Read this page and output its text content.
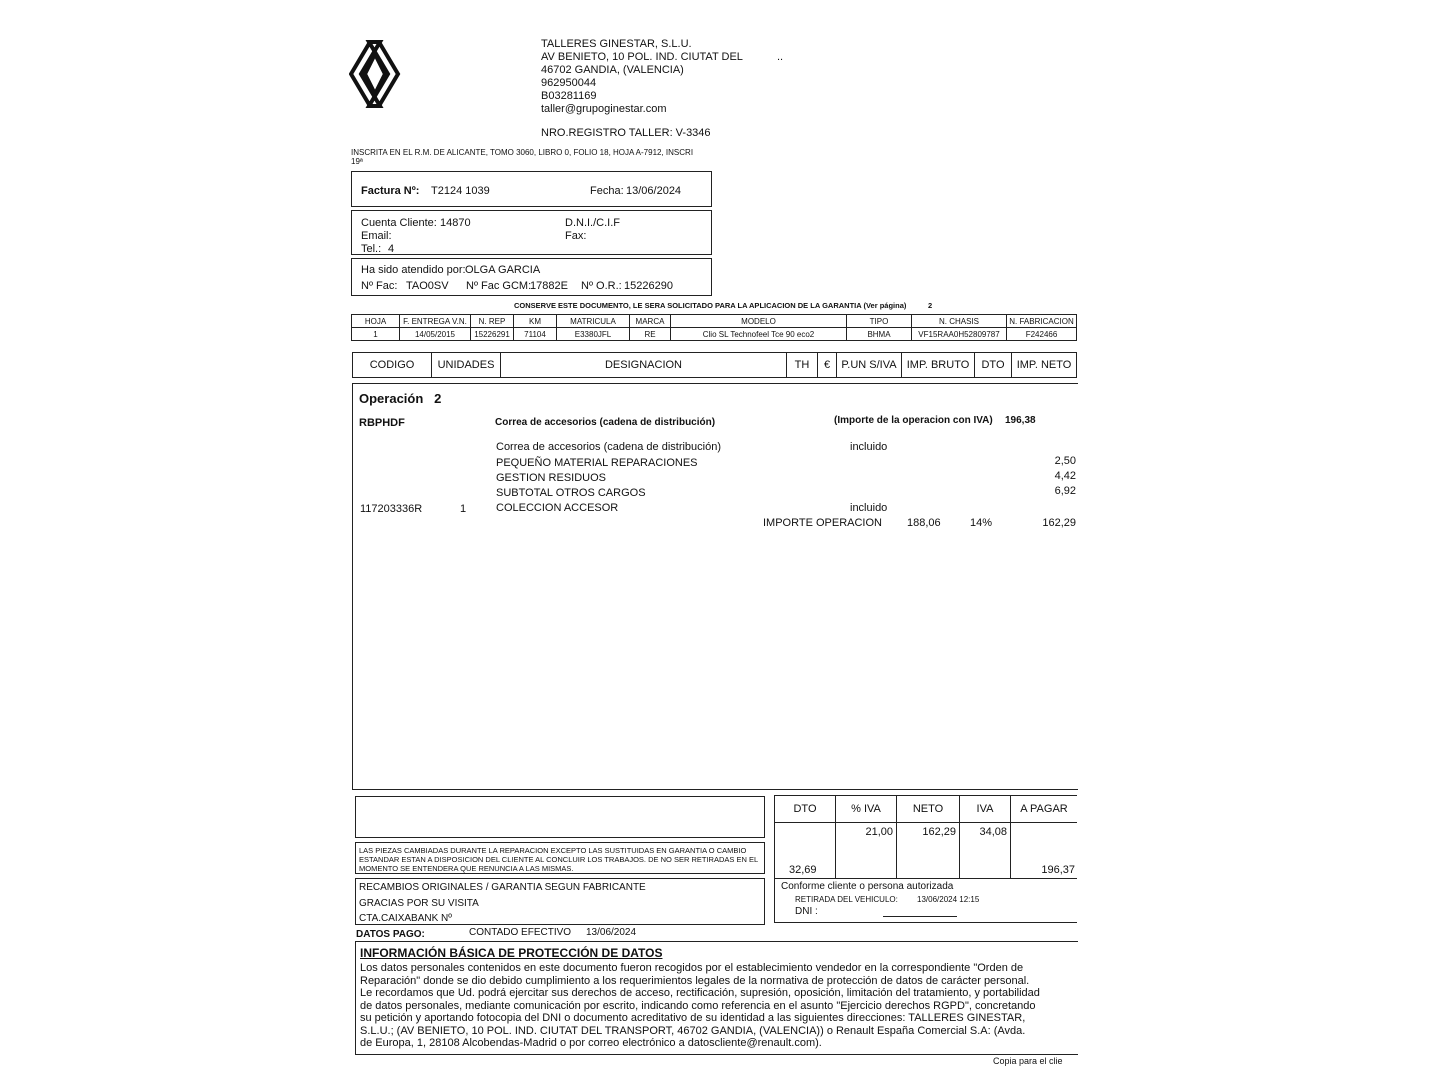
TALLERES GINESTAR, S.L.U.
AV BENIETO, 10 POL. IND. CIUTAT DEL
46702 GANDIA, (VALENCIA)
962950044
B03281169
taller@grupoginestar.com
..
NRO.REGISTRO TALLER: V-3346
INSCRITA EN EL R.M. DE ALICANTE, TOMO 3060, LIBRO 0, FOLIO 18, HOJA A-7912, INSCRI
19ª
Factura Nº: T2124 1039	Fecha: 13/06/2024
Cuenta Cliente: 14870
Email:
Tel.: 4
D.N.I./C.I.F
Fax:
Ha sido atendido por: OLGA GARCIA
Nº Fac: TAO0SV Nº Fac GCM:
17882E Nº O.R.: 15226290
CONSERVE ESTE DOCUMENTO, LE SERA SOLICITADO PARA LA APLICACION DE LA GARANTIA (Ver página)	2
HOJA	F. ENTREGA V.N.	N. REP	KM	MATRICULA	MARCA	MODELO	TIPO	N. CHASIS	N. FABRICACION
1	14/05/2015	15226291	71104	E3380JFL	RE	Clio SL Technofeel Tce 90 eco2	BHMA	VF15RAA0H52809787	F242466
CODIGO	UNIDADES	DESIGNACION	TH	€	P.UN S/IVA	IMP. BRUTO	DTO	IMP. NETO
Operación 2
RBPHDF	Correa de accesorios (cadena de distribución)	(Importe de la operacion con IVA) 196,38
Correa de accesorios (cadena de distribución)	incluido
PEQUEÑO MATERIAL REPARACIONES	2,50
GESTION RESIDUOS	4,42
SUBTOTAL OTROS CARGOS	6,92
117203336R	1	COLECCION ACCESOR	incluido
IMPORTE OPERACION 188,06	14%	162,29
LAS PIEZAS CAMBIADAS DURANTE LA REPARACION EXCEPTO LAS SUSTITUIDAS EN GARANTIA O CAMBIO ESTANDAR ESTAN A DISPOSICION DEL CLIENTE AL CONCLUIR LOS TRABAJOS. DE NO SER RETIRADAS EN EL MOMENTO SE ENTENDERA QUE RENUNCIA A LAS MISMAS.
DTO	% IVA	NETO	IVA	A PAGAR
32,69	21,00	162,29	34,08	196,37
RECAMBIOS ORIGINALES / GARANTIA SEGUN FABRICANTE
GRACIAS POR SU VISITA
CTA.CAIXABANK Nº
Conforme cliente o persona autorizada
RETIRADA DEL VEHICULO: 13/06/2024 12:15
DNI :
DATOS PAGO:	CONTADO EFECTIVO 13/06/2024
INFORMACIÓN BÁSICA DE PROTECCIÓN DE DATOS
Los datos personales contenidos en este documento fueron recogidos por el establecimiento vendedor en la correspondiente "Orden de
Reparación" donde se dio debido cumplimiento a los requerimientos legales de la normativa de protección de datos de carácter personal.
Le recordamos que Ud. podrá ejercitar sus derechos de acceso, rectificación, supresión, oposición, limitación del tratamiento, y portabilidad
de datos personales, mediante comunicación por escrito, indicando como referencia en el asunto "Ejercicio derechos RGPD", concretando
su petición y aportando fotocopia del DNI o documento acreditativo de su identidad a las siguientes direcciones: TALLERES GINESTAR,
S.L.U.; (AV BENIETO, 10 POL. IND. CIUTAT DEL TRANSPORT, 46702 GANDIA, (VALENCIA)) o Renault España Comercial S.A: (Avda.
de Europa, 1, 28108 Alcobendas-Madrid o por correo electrónico a datoscliente@renault.com).
Copia para el clie
